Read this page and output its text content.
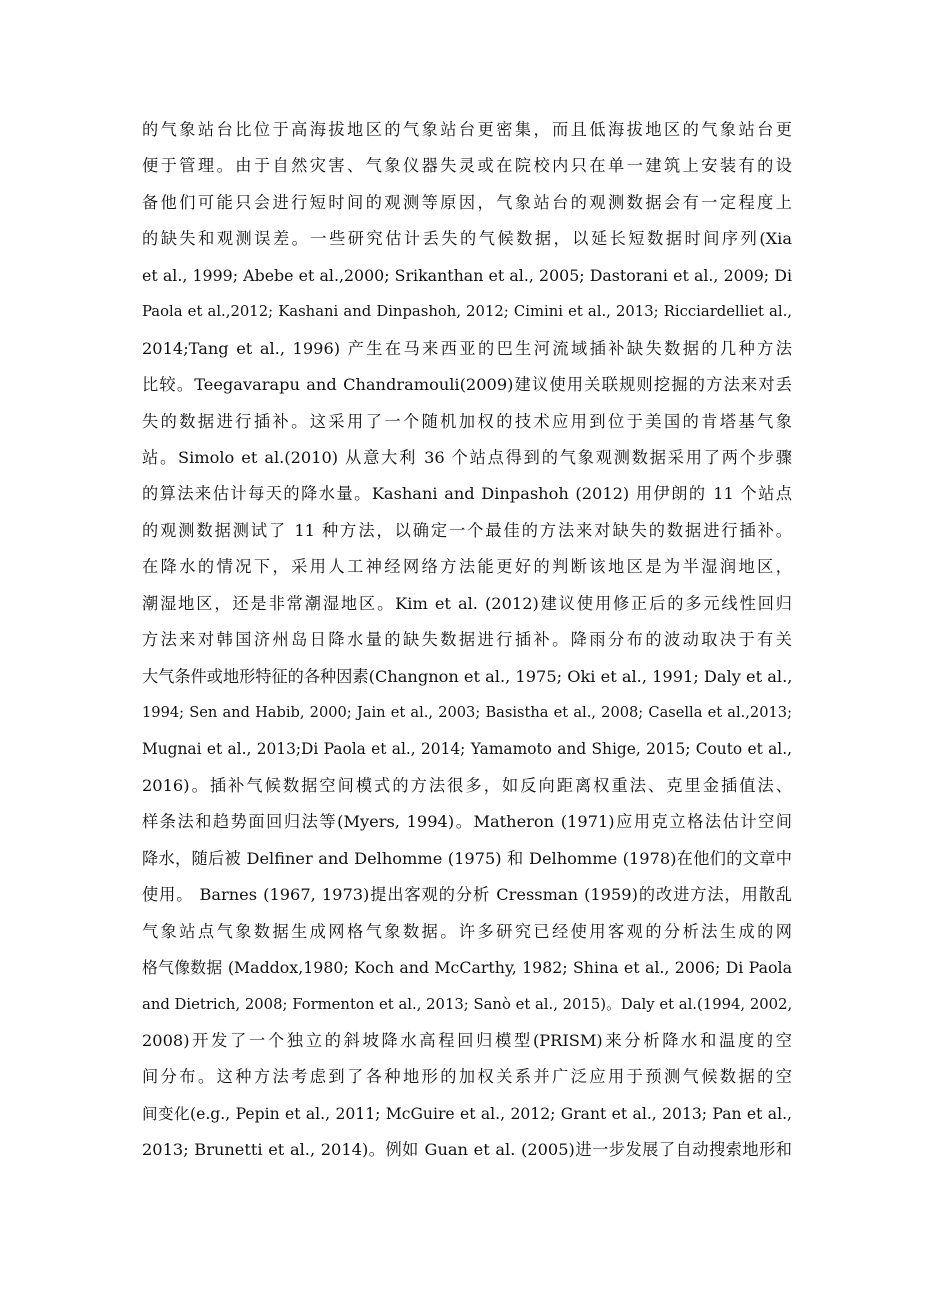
的气象站台比位于高海拔地区的气象站台更密集，而且低海拔地区的气象站台更
便于管理。由于自然灾害、气象仪器失灵或在院校内只在单一建筑上安装有的设
备他们可能只会进行短时间的观测等原因，气象站台的观测数据会有一定程度上
的缺失和观测误差。一些研究估计丢失的气候数据，以延长短数据时间序列(Xia
et al., 1999; Abebe et al.,2000; Srikanthan et al., 2005; Dastorani et al., 2009; Di
Paola et al.,2012; Kashani and Dinpashoh, 2012; Cimini et al., 2013; Ricciardelliet al.,
2014;Tang et al., 1996) 产生在马来西亚的巴生河流域插补缺失数据的几种方法
比较。Teegavarapu and Chandramouli(2009)建议使用关联规则挖掘的方法来对丢
失的数据进行插补。这采用了一个随机加权的技术应用到位于美国的肯塔基气象
站。Simolo et al.(2010) 从意大利 36 个站点得到的气象观测数据采用了两个步骤
的算法来估计每天的降水量。Kashani and Dinpashoh (2012) 用伊朗的 11 个站点
的观测数据测试了 11 种方法，以确定一个最佳的方法来对缺失的数据进行插补。
在降水的情况下，采用人工神经网络方法能更好的判断该地区是为半湿润地区，
潮湿地区，还是非常潮湿地区。Kim et al. (2012)建议使用修正后的多元线性回归
方法来对韩国济州岛日降水量的缺失数据进行插补。降雨分布的波动取决于有关
大气条件或地形特征的各种因素(Changnon et al., 1975; Oki et al., 1991; Daly et al.,
1994; Sen and Habib, 2000; Jain et al., 2003; Basistha et al., 2008; Casella et al.,2013;
Mugnai et al., 2013;Di Paola et al., 2014; Yamamoto and Shige, 2015; Couto et al.,
2016)。插补气候数据空间模式的方法很多，如反向距离权重法、克里金插值法、
样条法和趋势面回归法等(Myers, 1994)。Matheron (1971)应用克立格法估计空间
降水，随后被 Delfiner and Delhomme (1975) 和 Delhomme (1978)在他们的文章中
使用。 Barnes (1967, 1973)提出客观的分析 Cressman (1959)的改进方法，用散乱
气象站点气象数据生成网格气象数据。许多研究已经使用客观的分析法生成的网
格气像数据 (Maddox,1980; Koch and McCarthy, 1982; Shina et al., 2006; Di Paola
and Dietrich, 2008; Formenton et al., 2013; Sanò et al., 2015)。Daly et al.(1994, 2002,
2008)开发了一个独立的斜坡降水高程回归模型(PRISM)来分析降水和温度的空
间分布。这种方法考虑到了各种地形的加权关系并广泛应用于预测气候数据的空
间变化(e.g., Pepin et al., 2011; McGuire et al., 2012; Grant et al., 2013; Pan et al.,
2013; Brunetti et al., 2014)。例如 Guan et al. (2005)进一步发展了自动搜索地形和
